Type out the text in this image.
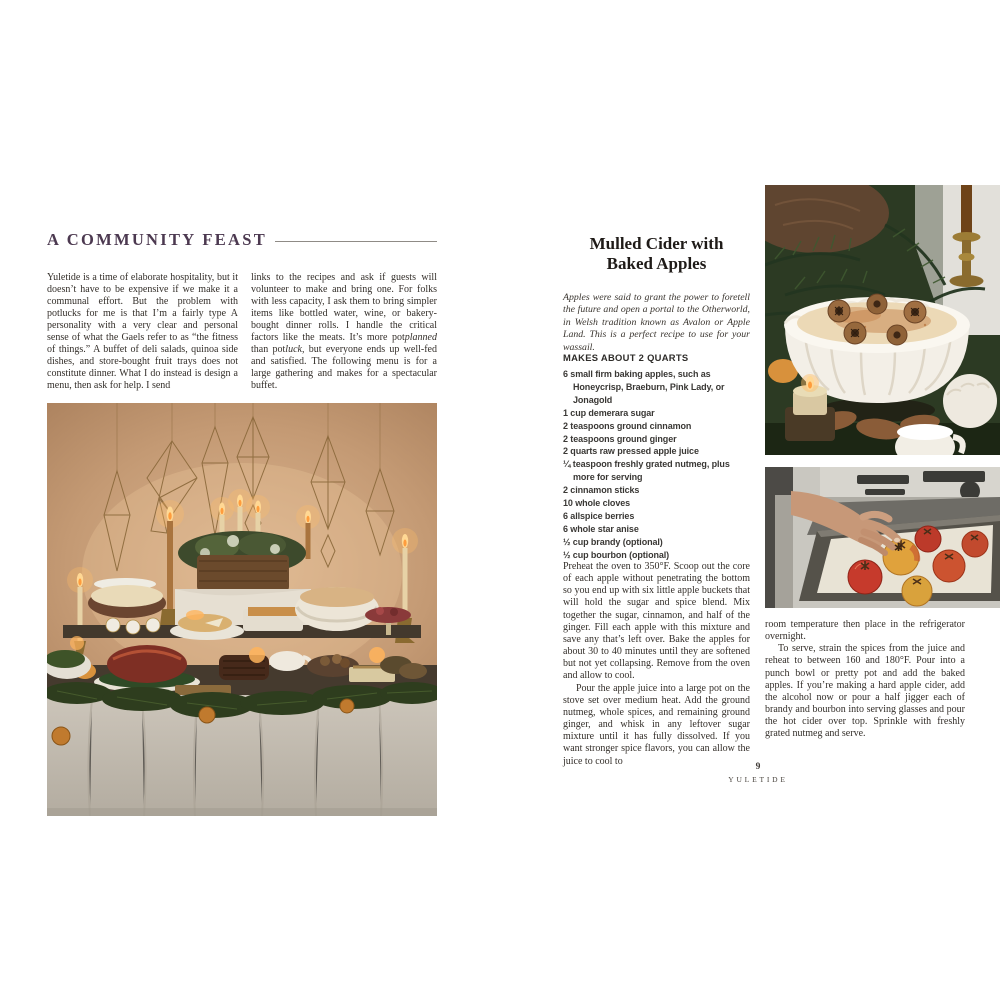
A COMMUNITY FEAST
Yuletide is a time of elaborate hospitality, but it doesn’t have to be expensive if we make it a communal effort. But the problem with potlucks for me is that I’m a fairly type A personality with a very clear and personal sense of what the Gaels refer to as “the fitness of things.” A buffet of deli salads, quinoa side dishes, and store-bought fruit trays does not constitute dinner. What I do instead is design a menu, then ask for help. I send
links to the recipes and ask if guests will volunteer to make and bring one. For folks with less capacity, I ask them to bring simpler items like bottled water, wine, or bakery-bought dinner rolls. I handle the critical factors like the meats. It’s more potplanned than potluck, but everyone ends up well-fed and satisfied. The following menu is for a large gathering and makes for a spectacular buffet.
Mulled Cider with
Baked Apples
Apples were said to grant the power to foretell the future and open a portal to the Otherworld, in Welsh tradition known as Avalon or Apple Land. This is a perfect recipe to use for your wassail.
MAKES ABOUT 2 QUARTS
6 small firm baking apples, such as Honeycrisp, Braeburn, Pink Lady, or Jonagold
1 cup demerara sugar
2 teaspoons ground cinnamon
2 teaspoons ground ginger
2 quarts raw pressed apple juice
¼ teaspoon freshly grated nutmeg, plus more for serving
2 cinnamon sticks
10 whole cloves
6 allspice berries
6 whole star anise
½ cup brandy (optional)
½ cup bourbon (optional)

Preheat the oven to 350°F. Scoop out the core of each apple without penetrating the bottom so you end up with six little apple buckets that will hold the sugar and spice blend. Mix together the sugar, cinnamon, and half of the ginger. Fill each apple with this mixture and save any that’s left over. Bake the apples for about 30 to 40 minutes until they are softened but not yet collapsing. Remove from the oven and allow to cool.

Pour the apple juice into a large pot on the stove set over medium heat. Add the ground nutmeg, whole spices, and remaining ground ginger, and whisk in any leftover sugar mixture until it has fully dissolved. If you want stronger spice flavors, you can allow the juice to cool to

room temperature then place in the refrigerator overnight.

To serve, strain the spices from the juice and reheat to between 160 and 180°F. Pour into a punch bowl or pretty pot and add the baked apples. If you’re making a hard apple cider, add the alcohol now or pour a half jigger each of brandy and bourbon into serving glasses and pour the hot cider over top. Sprinkle with freshly grated nutmeg and serve.

9
YULETIDE
